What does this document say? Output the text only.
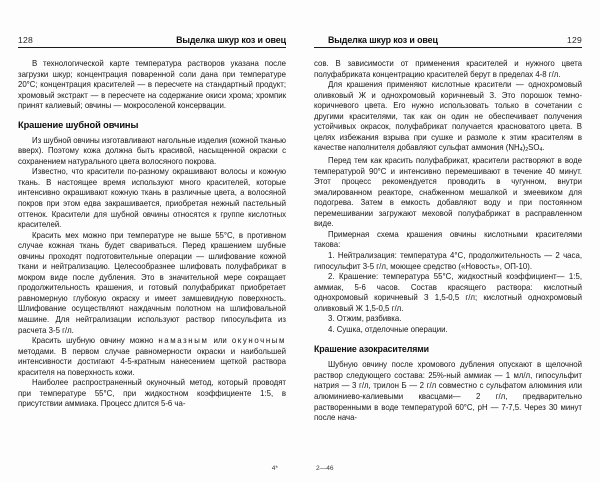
128	Выделка шкур коз и овец

В технологической карте температура растворов указана после загрузки шкур; концентрация поваренной соли дана при температуре 20°С; концентрация красителей — в пересчете на стандартный продукт; хромовый экстракт — в пересчете на содержание окиси хрома; хромпик принят калиевый; овчины — мокросоленой консервации.

Крашение шубной овчины

Из шубной овчины изготавливают нагольные изделия (кожной тканью вверх). Поэтому кожа должна быть красивой, насыщенной окраски с сохранением натурального цвета волосяного покрова.

Известно, что красители по-разному окрашивают волосы и кожную ткань. В настоящее время используют много красителей, которые интенсивно окрашивают кожную ткань в различные цвета, а волосяной покров при этом едва закрашивается, приобретая нежный пастельный оттенок. Красители для шубной овчины относятся к группе кислотных красителей.

Красить мех можно при температуре не выше 55°С, в противном случае кожная ткань будет свариваться. Перед крашением шубные овчины проходят подготовительные операции — шлифование кожной ткани и нейтрализацию. Целесообразнее шлифовать полуфабрикат в мокром виде после дубления. Это в значительной мере сокращает продолжительность крашения, и готовый полуфабрикат приобретает равномерную глубокую окраску и имеет замшевидную поверхность. Шлифование осуществляют наждачным полотном на шлифовальной машине. Для нейтрализации используют раствор гипосульфита из расчета 3-5 г/л.

Красить шубную овчину можно намазным или окуночным методами. В первом случае равномерности окраски и наибольшей интенсивности достигают 4-5-кратным нанесением щеткой раствора красителя на поверхность кожи.

Наиболее распространенный окуночный метод, который проводят при температуре 55°С, при жидкостном коэффициенте 1:5, в присутствии аммиака. Процесс длится 5-6 ча-

4*
Выделка шкур коз и овец	129

сов. В зависимости от применения красителей и нужного цвета полуфабриката концентрацию красителей берут в пределах 4-8 г/л.

Для крашения применяют кислотные красители — однохромовый оливковый Ж и однохромовый коричневый З. Это порошок темно-коричневого цвета. Его нужно использовать только в сочетании с другими красителями, так как он один не обеспечивает получения устойчивых окрасок, полуфабрикат получается красноватого цвета. В целях избежания взрыва при сушке и размоле к этим красителям в качестве наполнителя добавляют сульфат аммония $(NH_4)_2SO_4$.

Перед тем как красить полуфабрикат, красители растворяют в воде температурой 90°С и интенсивно перемешивают в течение 40 минут. Этот процесс рекомендуется проводить в чугунном, внутри эмалированном реакторе, снабженном мешалкой и змеевиком для подогрева. Затем в емкость добавляют воду и при постоянном перемешивании загружают меховой полуфабрикат в расправленном виде.

Примерная схема крашения овчины кислотными красителями такова:

1. Нейтрализация: температура 4°С, продолжительность — 2 часа, гипосульфит 3-5 г/л, моющее средство («Новость», ОП-10).

2. Крашение: температура 55°С, жидкостный коэффициент— 1:5, аммиак, 5-6 часов. Состав красящего раствора: кислотный однохромовый коричневый З 1,5-0,5 г/л; кислотный однохромовый оливковый Ж 1,5-0,5 г/л.

3. Отжим, разбивка.

4. Сушка, отделочные операции.

Крашение азокрасителями

Шубную овчину после хромового дубления опускают в щелочной раствор следующего состава: 25%-ный аммиак — 1 мл/л, гипосульфит натрия — 3 г/л, трилон Б — 2 г/л совместно с сульфатом алюминия или алюминиево-калиевыми квасцами— 2 г/л, предварительно растворенными в воде температурой 60°С, рН — 7-7,5. Через 30 минут после нача-

2—46
